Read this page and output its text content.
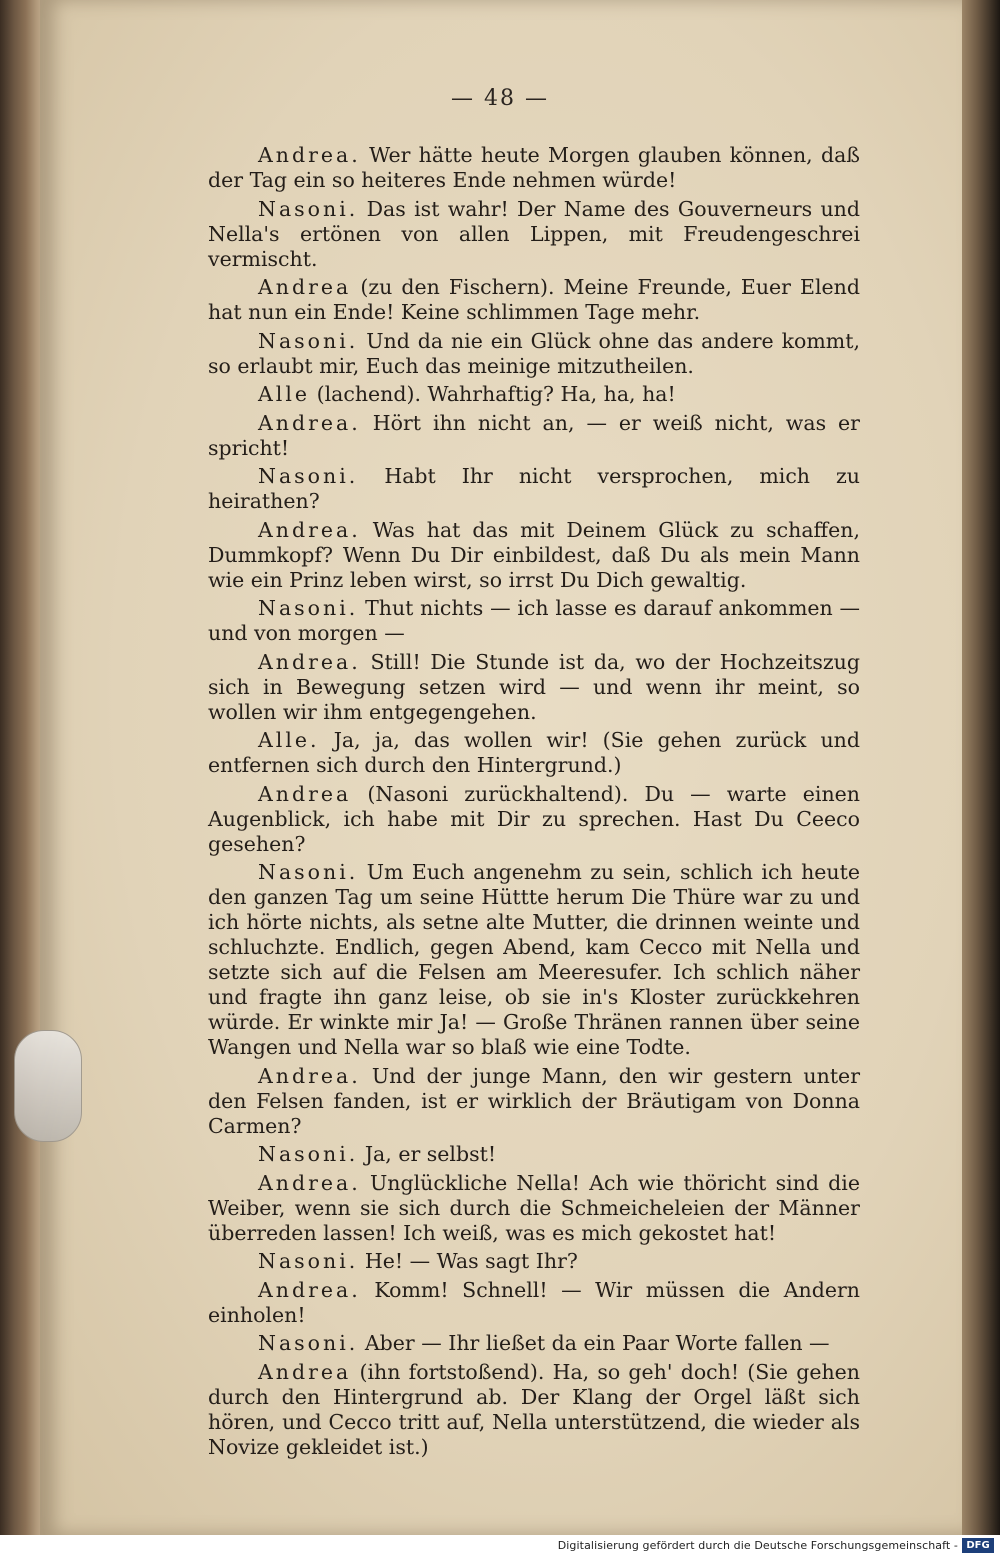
— 48 —

Andrea. Wer hätte heute Morgen glauben können, daß der Tag ein so heiteres Ende nehmen würde!

Nasoni. Das ist wahr! Der Name des Gouverneurs und Nella's ertönen von allen Lippen, mit Freudengeschrei vermischt.

Andrea (zu den Fischern). Meine Freunde, Euer Elend hat nun ein Ende! Keine schlimmen Tage mehr.

Nasoni. Und da nie ein Glück ohne das andere kommt, so erlaubt mir, Euch das meinige mitzutheilen.

Alle (lachend). Wahrhaftig? Ha, ha, ha!

Andrea. Hört ihn nicht an, — er weiß nicht, was er spricht!

Nasoni. Habt Ihr nicht versprochen, mich zu heirathen?

Andrea. Was hat das mit Deinem Glück zu schaffen, Dummkopf? Wenn Du Dir einbildest, daß Du als mein Mann wie ein Prinz leben wirst, so irrst Du Dich gewaltig.

Nasoni. Thut nichts — ich lasse es darauf ankommen — und von morgen —

Andrea. Still! Die Stunde ist da, wo der Hochzeitszug sich in Bewegung setzen wird — und wenn ihr meint, so wollen wir ihm entgegengehen.

Alle. Ja, ja, das wollen wir! (Sie gehen zurück und entfernen sich durch den Hintergrund.)

Andrea (Nasoni zurückhaltend). Du — warte einen Augenblick, ich habe mit Dir zu sprechen. Hast Du Ceeco gesehen?

Nasoni. Um Euch angenehm zu sein, schlich ich heute den ganzen Tag um seine Hüttte herum Die Thüre war zu und ich hörte nichts, als setne alte Mutter, die drinnen weinte und schluchzte. Endlich, gegen Abend, kam Cecco mit Nella und setzte sich auf die Felsen am Meeresufer. Ich schlich näher und fragte ihn ganz leise, ob sie in's Kloster zurückkehren würde. Er winkte mir Ja! — Große Thränen rannen über seine Wangen und Nella war so blaß wie eine Todte.

Andrea. Und der junge Mann, den wir gestern unter den Felsen fanden, ist er wirklich der Bräutigam von Donna Carmen?

Nasoni. Ja, er selbst!

Andrea. Unglückliche Nella! Ach wie thöricht sind die Weiber, wenn sie sich durch die Schmeicheleien der Männer überreden lassen! Ich weiß, was es mich gekostet hat!

Nasoni. He! — Was sagt Ihr?

Andrea. Komm! Schnell! — Wir müssen die Andern einholen!

Nasoni. Aber — Ihr ließet da ein Paar Worte fallen —

Andrea (ihn fortstoßend). Ha, so geh' doch! (Sie gehen durch den Hintergrund ab. Der Klang der Orgel läßt sich hören, und Cecco tritt auf, Nella unterstützend, die wieder als Novize gekleidet ist.)

Digitalisierung gefördert durch die Deutsche Forschungsgemeinschaft - DFG
